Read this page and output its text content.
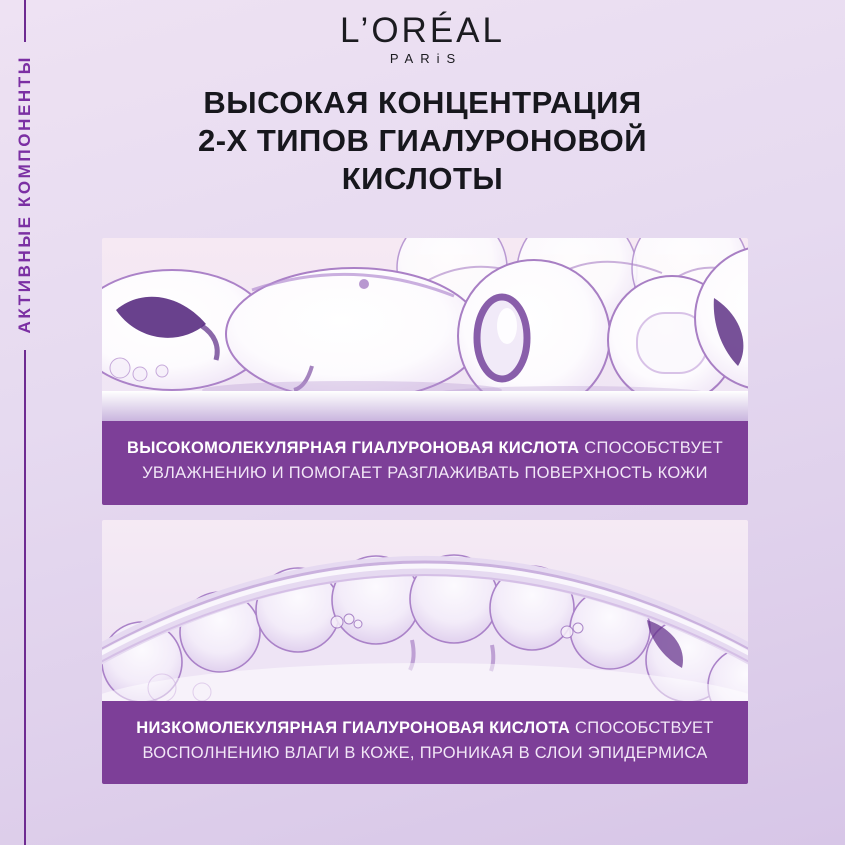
АКТИВНЫЕ КОМПОНЕНТЫ
L’ORÉAL
PARiS
ВЫСОКАЯ КОНЦЕНТРАЦИЯ
2-Х ТИПОВ ГИАЛУРОНОВОЙ
КИСЛОТЫ
ВЫСОКОМОЛЕКУЛЯРНАЯ ГИАЛУРОНОВАЯ КИСЛОТА СПОСОБСТВУЕТ УВЛАЖНЕНИЮ И ПОМОГАЕТ РАЗГЛАЖИВАТЬ ПОВЕРХНОСТЬ КОЖИ
НИЗКОМОЛЕКУЛЯРНАЯ ГИАЛУРОНОВАЯ КИСЛОТА СПОСОБСТВУЕТ ВОСПОЛНЕНИЮ ВЛАГИ В КОЖЕ, ПРОНИКАЯ В СЛОИ ЭПИДЕРМИСА
